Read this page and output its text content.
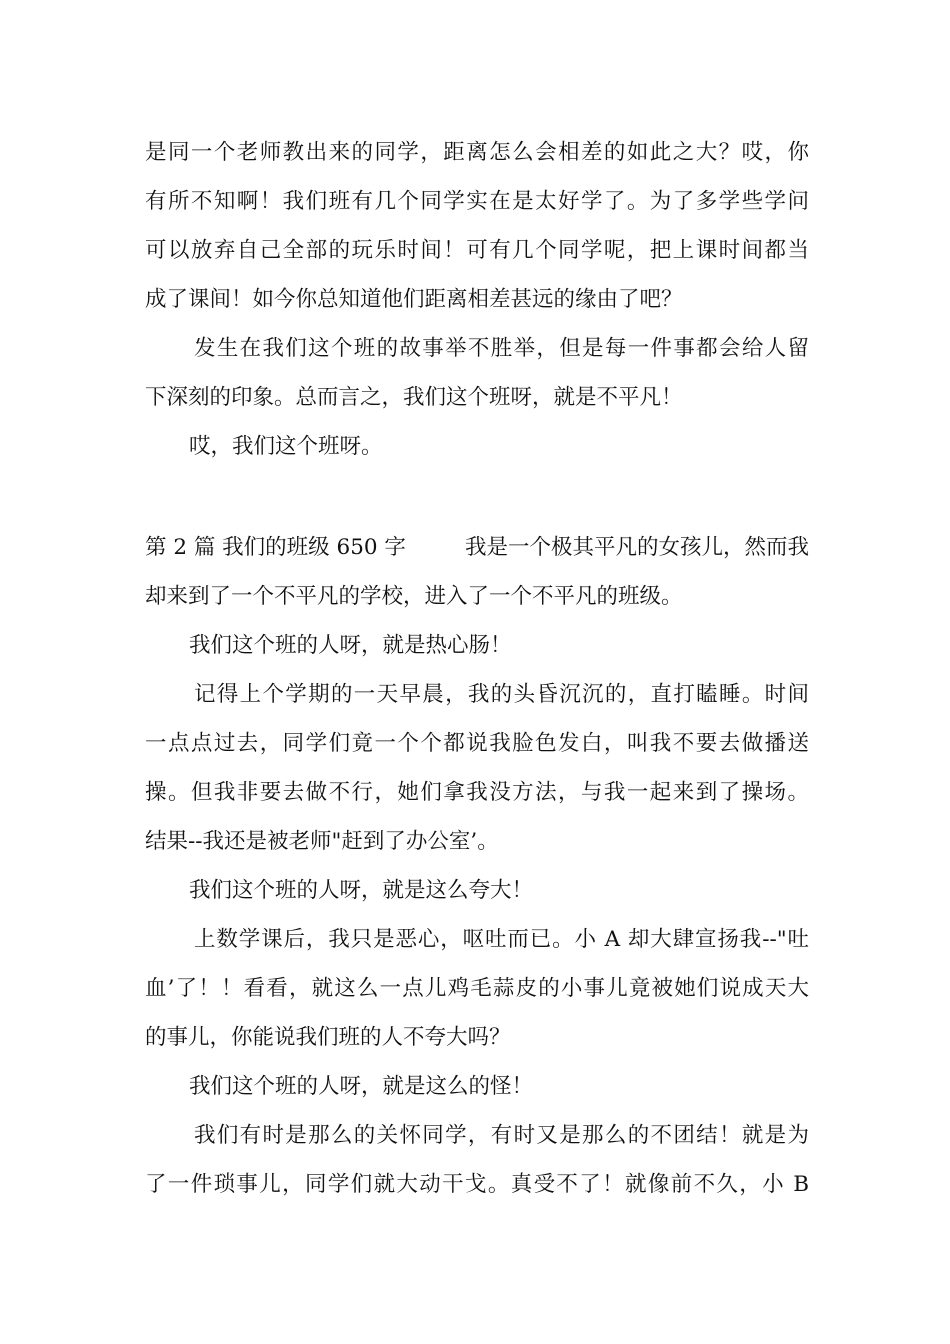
是同一个老师教出来的同学，距离怎么会相差的如此之大？哎，你
有所不知啊！我们班有几个同学实在是太好学了。为了多学些学问
可以放弃自己全部的玩乐时间！可有几个同学呢，把上课时间都当
成了课间！如今你总知道他们距离相差甚远的缘由了吧？
发生在我们这个班的故事举不胜举，但是每一件事都会给人留
下深刻的印象。总而言之，我们这个班呀，就是不平凡！
哎，我们这个班呀。
第 2 篇 我们的班级 650 字	我是一个极其平凡的女孩儿，然而我
却来到了一个不平凡的学校，进入了一个不平凡的班级。
我们这个班的人呀，就是热心肠！
记得上个学期的一天早晨，我的头昏沉沉的，直打瞌睡。时间
一点点过去，同学们竟一个个都说我脸色发白，叫我不要去做播送
操。但我非要去做不行，她们拿我没方法，与我一起来到了操场。
结果--我还是被老师"赶到了办公室’。
我们这个班的人呀，就是这么夸大！
上数学课后，我只是恶心，呕吐而已。小 A 却大肆宣扬我--"吐
血’了！！看看，就这么一点儿鸡毛蒜皮的小事儿竟被她们说成天大
的事儿，你能说我们班的人不夸大吗？
我们这个班的人呀，就是这么的怪！
我们有时是那么的关怀同学，有时又是那么的不团结！就是为
了一件琐事儿，同学们就大动干戈。真受不了！就像前不久，小 B
